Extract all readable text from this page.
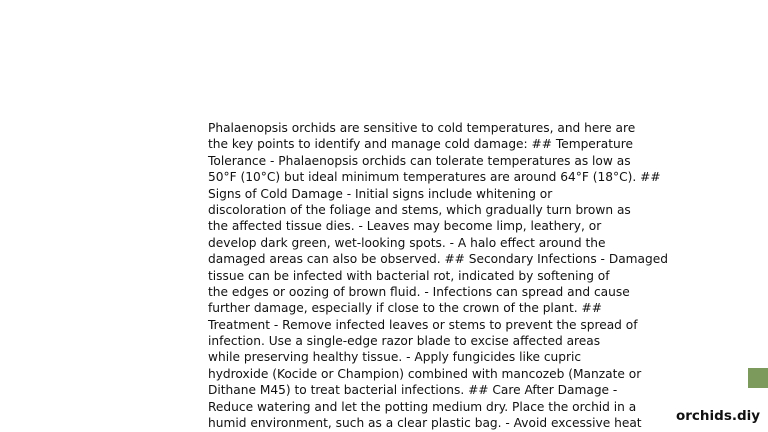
Phalaenopsis orchids are sensitive to cold temperatures, and here are
the key points to identify and manage cold damage: ## Temperature
Tolerance - Phalaenopsis orchids can tolerate temperatures as low as
50°F (10°C) but ideal minimum temperatures are around 64°F (18°C). ##
Signs of Cold Damage - Initial signs include whitening or
discoloration of the foliage and stems, which gradually turn brown as
the affected tissue dies. - Leaves may become limp, leathery, or
develop dark green, wet-looking spots. - A halo effect around the
damaged areas can also be observed. ## Secondary Infections - Damaged
tissue can be infected with bacterial rot, indicated by softening of
the edges or oozing of brown fluid. - Infections can spread and cause
further damage, especially if close to the crown of the plant. ##
Treatment - Remove infected leaves or stems to prevent the spread of
infection. Use a single-edge razor blade to excise affected areas
while preserving healthy tissue. - Apply fungicides like cupric
hydroxide (Kocide or Champion) combined with mancozeb (Manzate or
Dithane M45) to treat bacterial infections. ## Care After Damage -
Reduce watering and let the potting medium dry. Place the orchid in a
humid environment, such as a clear plastic bag. - Avoid excessive heat	orchids.diy
